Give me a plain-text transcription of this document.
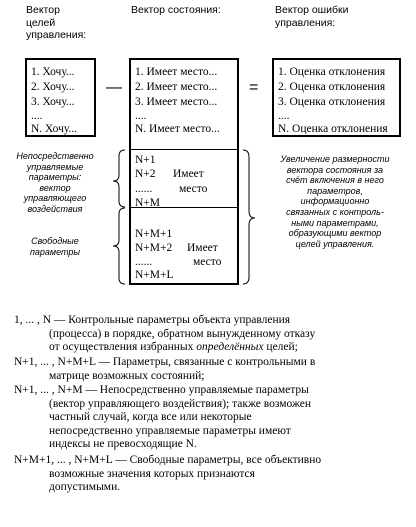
Вектор
целей
управления:
Вектор состояния:	Вектор ошибки
управления:
1. Хочу...
2. Хочу...
3. Хочу...
....
N. Хочу...
—
1. Имеет место...
2. Имеет место...
3. Имеет место...
....
N. Имеет место...
N+1
N+2
......
N+M
Имеет
место
N+M+1
N+M+2
......
N+M+L
Имеет
место
=
1. Оценка отклонения
2. Оценка отклонения
3. Оценка отклонения
....
N. Оценка отклонения
Непосредственно
управляемые
параметры:
вектор
управляющего
воздействия
Свободные
параметры
Увеличение размерности
вектора состояния за
счёт включения в него
параметров,
информационно
связанных с контроль-
ными параметрами,
образующими вектор
целей управления.
1, ... , N — Контрольные параметры объекта управления
(процесса) в порядке, обратном вынужденному отказу
от осуществления избранных определённых целей;
N+1, ... , N+M+L — Параметры, связанные с контрольными в
матрице возможных состояний;
N+1, ... , N+M — Непосредственно управляемые параметры
(вектор управляющего воздействия); также возможен
частный случай, когда все или некоторые
непосредственно управляемые параметры имеют
индексы не превосходящие N.
N+M+1, ... , N+M+L — Свободные параметры, все объективно
возможные значения которых признаются
допустимыми.
